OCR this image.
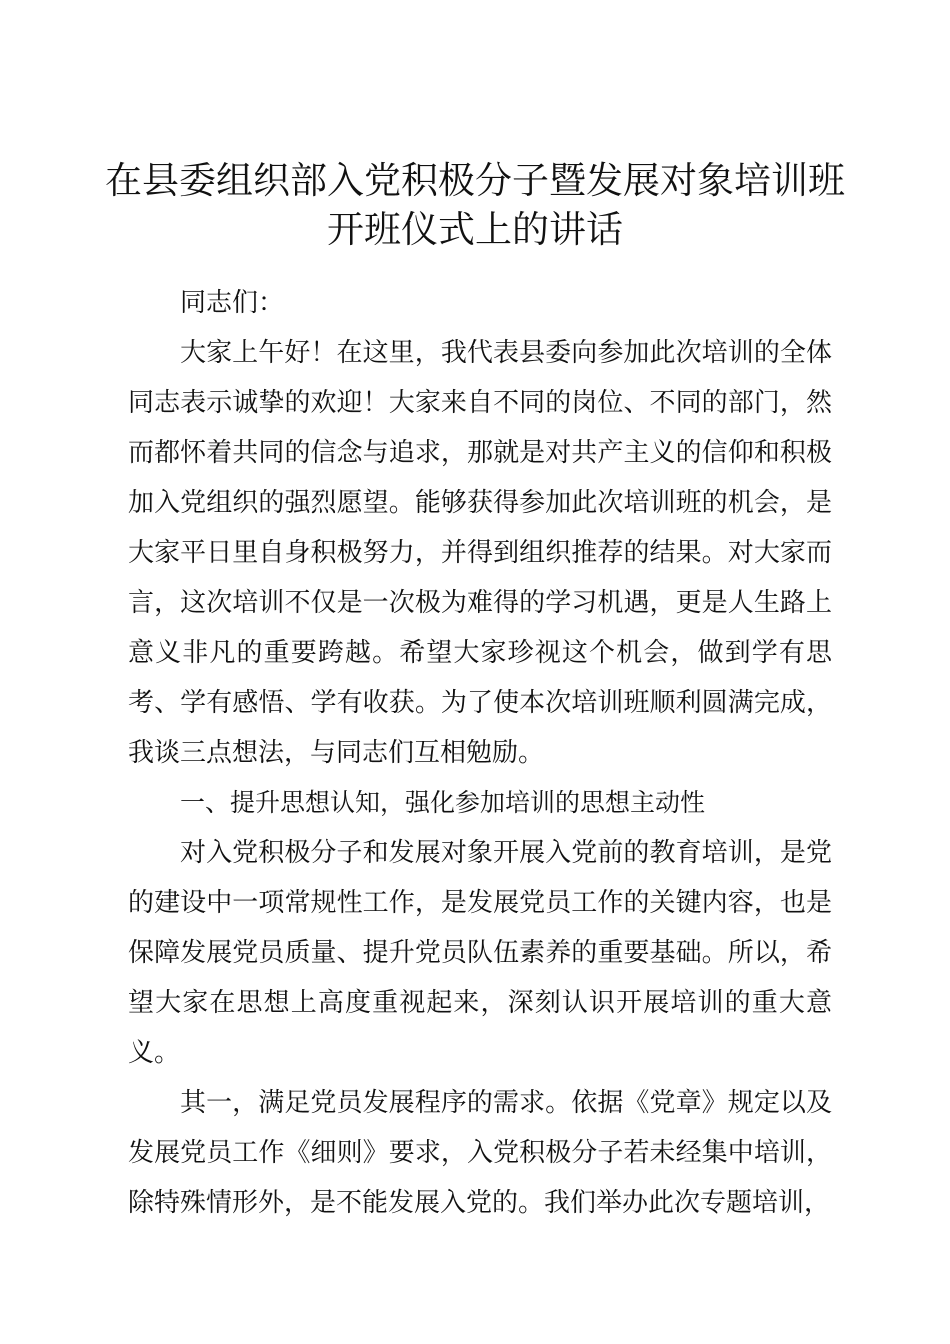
在县委组织部入党积极分子暨发展对象培训班
开班仪式上的讲话

同志们：

大家上午好！在这里，我代表县委向参加此次培训的全体同志表示诚挚的欢迎！大家来自不同的岗位、不同的部门，然而都怀着共同的信念与追求，那就是对共产主义的信仰和积极加入党组织的强烈愿望。能够获得参加此次培训班的机会，是大家平日里自身积极努力，并得到组织推荐的结果。对大家而言，这次培训不仅是一次极为难得的学习机遇，更是人生路上意义非凡的重要跨越。希望大家珍视这个机会，做到学有思考、学有感悟、学有收获。为了使本次培训班顺利圆满完成，我谈三点想法，与同志们互相勉励。

一、提升思想认知，强化参加培训的思想主动性

对入党积极分子和发展对象开展入党前的教育培训，是党的建设中一项常规性工作，是发展党员工作的关键内容，也是保障发展党员质量、提升党员队伍素养的重要基础。所以，希望大家在思想上高度重视起来，深刻认识开展培训的重大意义。

其一，满足党员发展程序的需求。依据《党章》规定以及发展党员工作《细则》要求，入党积极分子若未经集中培训，除特殊情形外，是不能发展入党的。我们举办此次专题培训，
